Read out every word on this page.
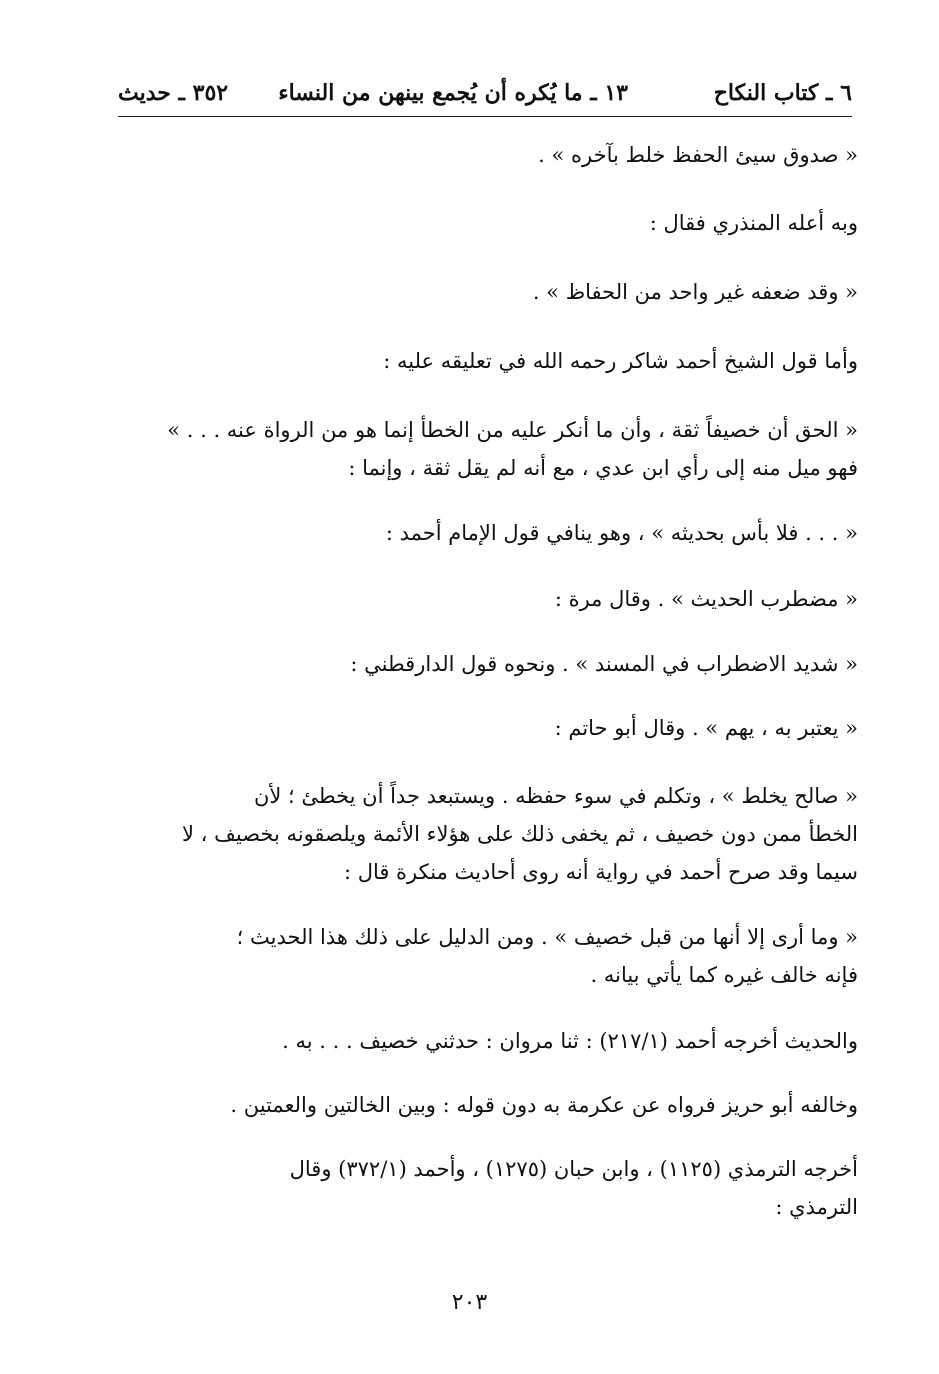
٦ ـ كتاب النكاح
١٣ ـ ما يُكره أن يُجمع بينهن من النساء
٣٥٢ ـ حديث

« صدوق سيئ الحفظ خلط بآخره » .

وبه أعله المنذري فقال :

« وقد ضعفه غير واحد من الحفاظ » .

وأما قول الشيخ أحمد شاكر رحمه الله في تعليقه عليه :

« الحق أن خصيفاً ثقة ، وأن ما أنكر عليه من الخطأ إنما هو من الرواة عنه . . . »

فهو ميل منه إلى رأي ابن عدي ، مع أنه لم يقل ثقة ، وإنما :

« . . . فلا بأس بحديثه » ، وهو ينافي قول الإمام أحمد :

« مضطرب الحديث » . وقال مرة :

« شديد الاضطراب في المسند » . ونحوه قول الدارقطني :

« يعتبر به ، يهم » . وقال أبو حاتم :

« صالح يخلط » ، وتكلم في سوء حفظه . ويستبعد جداً أن يخطئ ؛ لأن

الخطأ ممن دون خصيف ، ثم يخفى ذلك على هؤلاء الأئمة ويلصقونه بخصيف ، لا

سيما وقد صرح أحمد في رواية أنه روى أحاديث منكرة قال :

« وما أرى إلا أنها من قبل خصيف » . ومن الدليل على ذلك هذا الحديث ؛

فإنه خالف غيره كما يأتي بيانه .

والحديث أخرجه أحمد (٢١٧/١) : ثنا مروان : حدثني خصيف . . . به .

وخالفه أبو حريز فرواه عن عكرمة به دون قوله : وبين الخالتين والعمتين .

أخرجه الترمذي (١١٢٥) ، وابن حبان (١٢٧٥) ، وأحمد (٣٧٢/١) وقال

الترمذي :

٢٠٣
